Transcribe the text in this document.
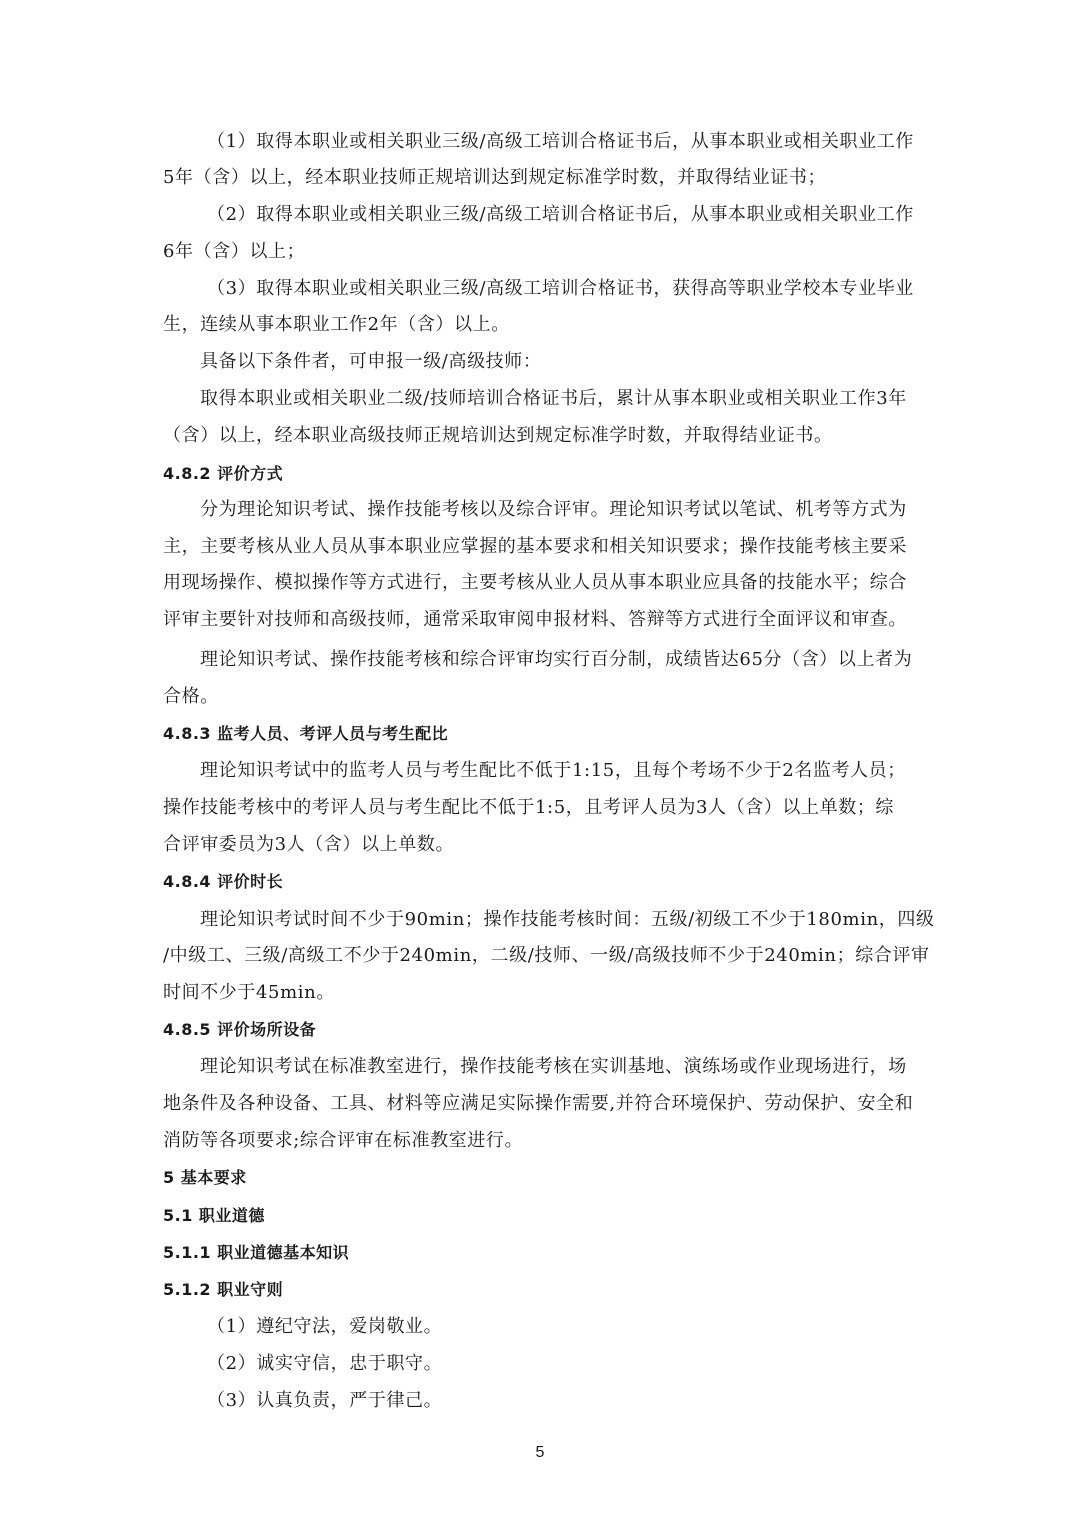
（1）取得本职业或相关职业三级/高级工培训合格证书后，从事本职业或相关职业工作
5年（含）以上，经本职业技师正规培训达到规定标准学时数，并取得结业证书；
（2）取得本职业或相关职业三级/高级工培训合格证书后，从事本职业或相关职业工作
6年（含）以上；
（3）取得本职业或相关职业三级/高级工培训合格证书，获得高等职业学校本专业毕业
生，连续从事本职业工作2年（含）以上。
具备以下条件者，可申报一级/高级技师：
取得本职业或相关职业二级/技师培训合格证书后，累计从事本职业或相关职业工作3年
（含）以上，经本职业高级技师正规培训达到规定标准学时数，并取得结业证书。
4.8.2 评价方式
分为理论知识考试、操作技能考核以及综合评审。理论知识考试以笔试、机考等方式为
主，主要考核从业人员从事本职业应掌握的基本要求和相关知识要求；操作技能考核主要采
用现场操作、模拟操作等方式进行，主要考核从业人员从事本职业应具备的技能水平；综合
评审主要针对技师和高级技师，通常采取审阅申报材料、答辩等方式进行全面评议和审查。
理论知识考试、操作技能考核和综合评审均实行百分制，成绩皆达65分（含）以上者为
合格。
4.8.3 监考人员、考评人员与考生配比
理论知识考试中的监考人员与考生配比不低于1:15，且每个考场不少于2名监考人员；
操作技能考核中的考评人员与考生配比不低于1:5，且考评人员为3人（含）以上单数；综
合评审委员为3人（含）以上单数。
4.8.4 评价时长
理论知识考试时间不少于90min；操作技能考核时间：五级/初级工不少于180min，四级
/中级工、三级/高级工不少于240min，二级/技师、一级/高级技师不少于240min；综合评审
时间不少于45min。
4.8.5 评价场所设备
理论知识考试在标准教室进行，操作技能考核在实训基地、演练场或作业现场进行，场
地条件及各种设备、工具、材料等应满足实际操作需要,并符合环境保护、劳动保护、安全和
消防等各项要求;综合评审在标准教室进行。
5 基本要求
5.1 职业道德
5.1.1 职业道德基本知识
5.1.2 职业守则
（1）遵纪守法，爱岗敬业。
（2）诚实守信，忠于职守。
（3）认真负责，严于律己。
5
